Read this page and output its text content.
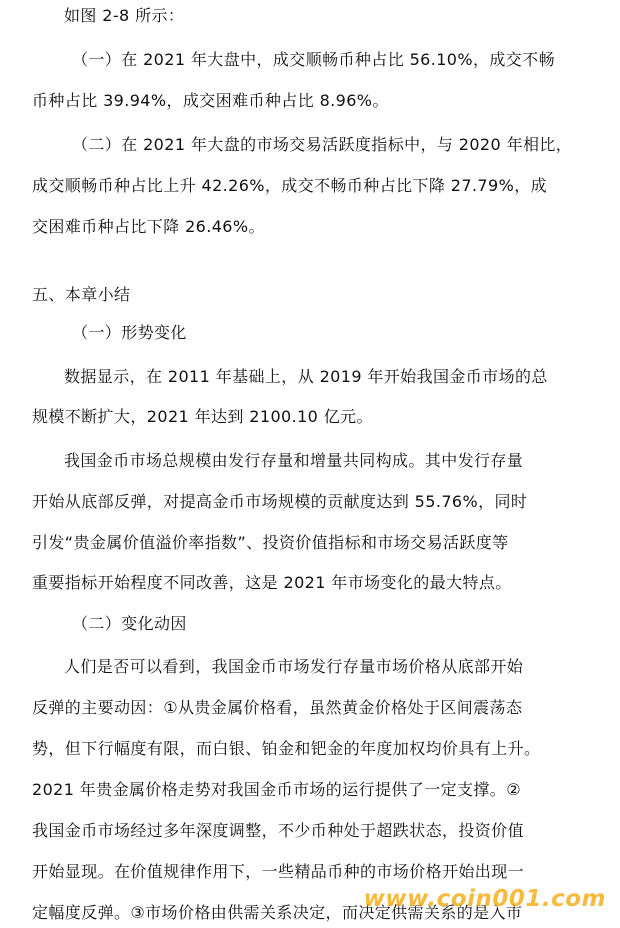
如图 2-8 所示：
（一）在 2021 年大盘中，成交顺畅币种占比 56.10%，成交不畅
币种占比 39.94%，成交困难币种占比 8.96%。
（二）在 2021 年大盘的市场交易活跃度指标中，与 2020 年相比，
成交顺畅币种占比上升 42.26%，成交不畅币种占比下降 27.79%，成
交困难币种占比下降 26.46%。
五、本章小结
（一）形势变化
数据显示，在 2011 年基础上，从 2019 年开始我国金币市场的总
规模不断扩大，2021 年达到 2100.10 亿元。
我国金币市场总规模由发行存量和增量共同构成。其中发行存量
开始从底部反弹，对提高金币市场规模的贡献度达到 55.76%，同时
引发“贵金属价值溢价率指数”、投资价值指标和市场交易活跃度等
重要指标开始程度不同改善，这是 2021 年市场变化的最大特点。
（二）变化动因
人们是否可以看到，我国金币市场发行存量市场价格从底部开始
反弹的主要动因：①从贵金属价格看，虽然黄金价格处于区间震荡态
势，但下行幅度有限，而白银、铂金和钯金的年度加权均价具有上升。
2021 年贵金属价格走势对我国金币市场的运行提供了一定支撑。②
我国金币市场经过多年深度调整，不少币种处于超跌状态，投资价值
开始显现。在价值规律作用下，一些精品币种的市场价格开始出现一
定幅度反弹。③市场价格由供需关系决定，而决定供需关系的是入市
www.coin001.com
